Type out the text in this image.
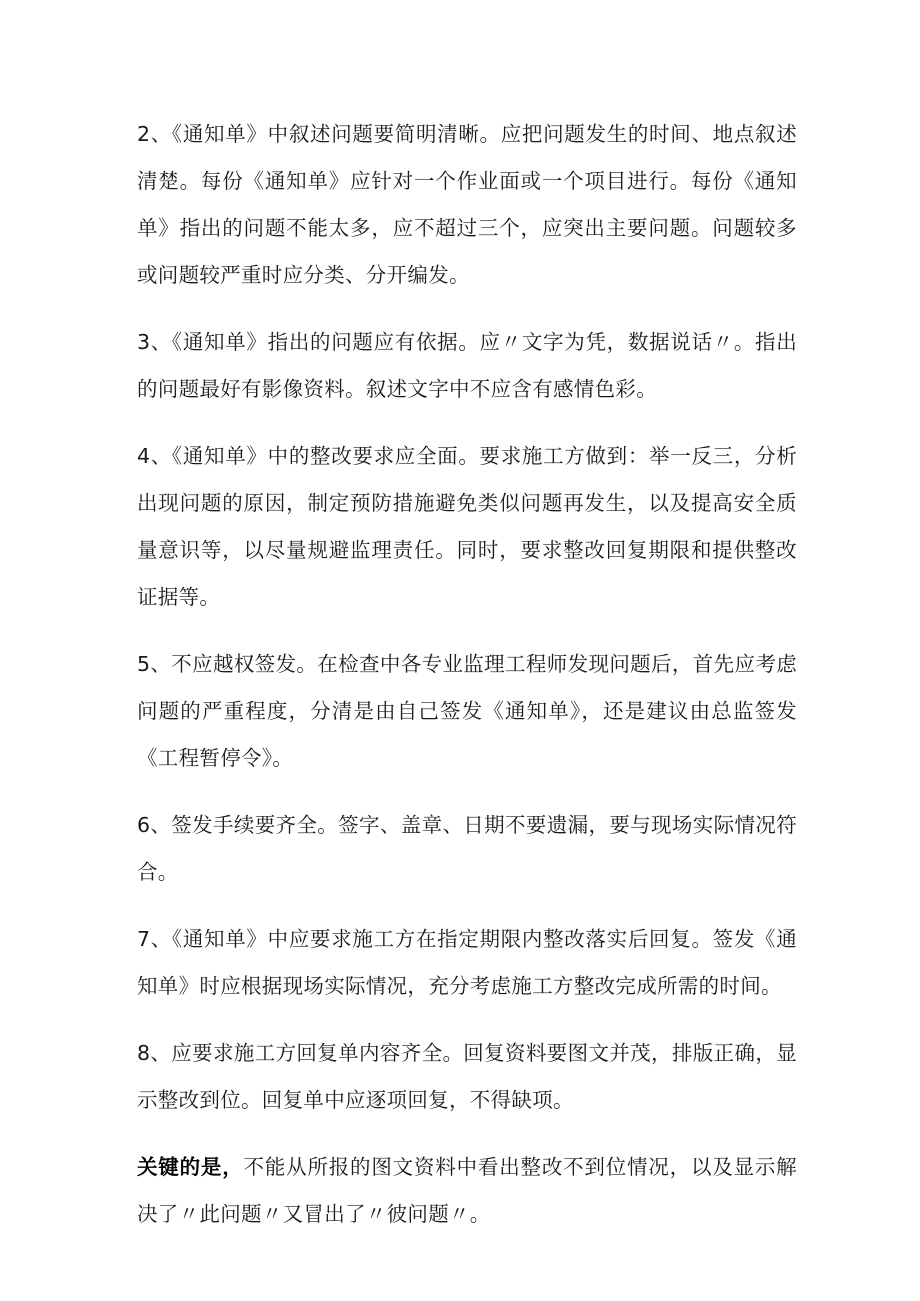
2、《通知单》中叙述问题要简明清晰。应把问题发生的时间、地点叙述清楚。每份《通知单》应针对一个作业面或一个项目进行。每份《通知单》指出的问题不能太多，应不超过三个，应突出主要问题。问题较多或问题较严重时应分类、分开编发。

3、《通知单》指出的问题应有依据。应〃文字为凭，数据说话〃。指出的问题最好有影像资料。叙述文字中不应含有感情色彩。

4、《通知单》中的整改要求应全面。要求施工方做到：举一反三，分析出现问题的原因，制定预防措施避免类似问题再发生，以及提高安全质量意识等，以尽量规避监理责任。同时，要求整改回复期限和提供整改证据等。

5、不应越权签发。在检查中各专业监理工程师发现问题后，首先应考虑问题的严重程度，分清是由自己签发《通知单》，还是建议由总监签发《工程暂停令》。

6、签发手续要齐全。签字、盖章、日期不要遗漏，要与现场实际情况符合。

7、《通知单》中应要求施工方在指定期限内整改落实后回复。签发《通知单》时应根据现场实际情况，充分考虑施工方整改完成所需的时间。

8、应要求施工方回复单内容齐全。回复资料要图文并茂，排版正确，显示整改到位。回复单中应逐项回复，不得缺项。

关键的是，不能从所报的图文资料中看出整改不到位情况，以及显示解决了〃此问题〃又冒出了〃彼问题〃。
